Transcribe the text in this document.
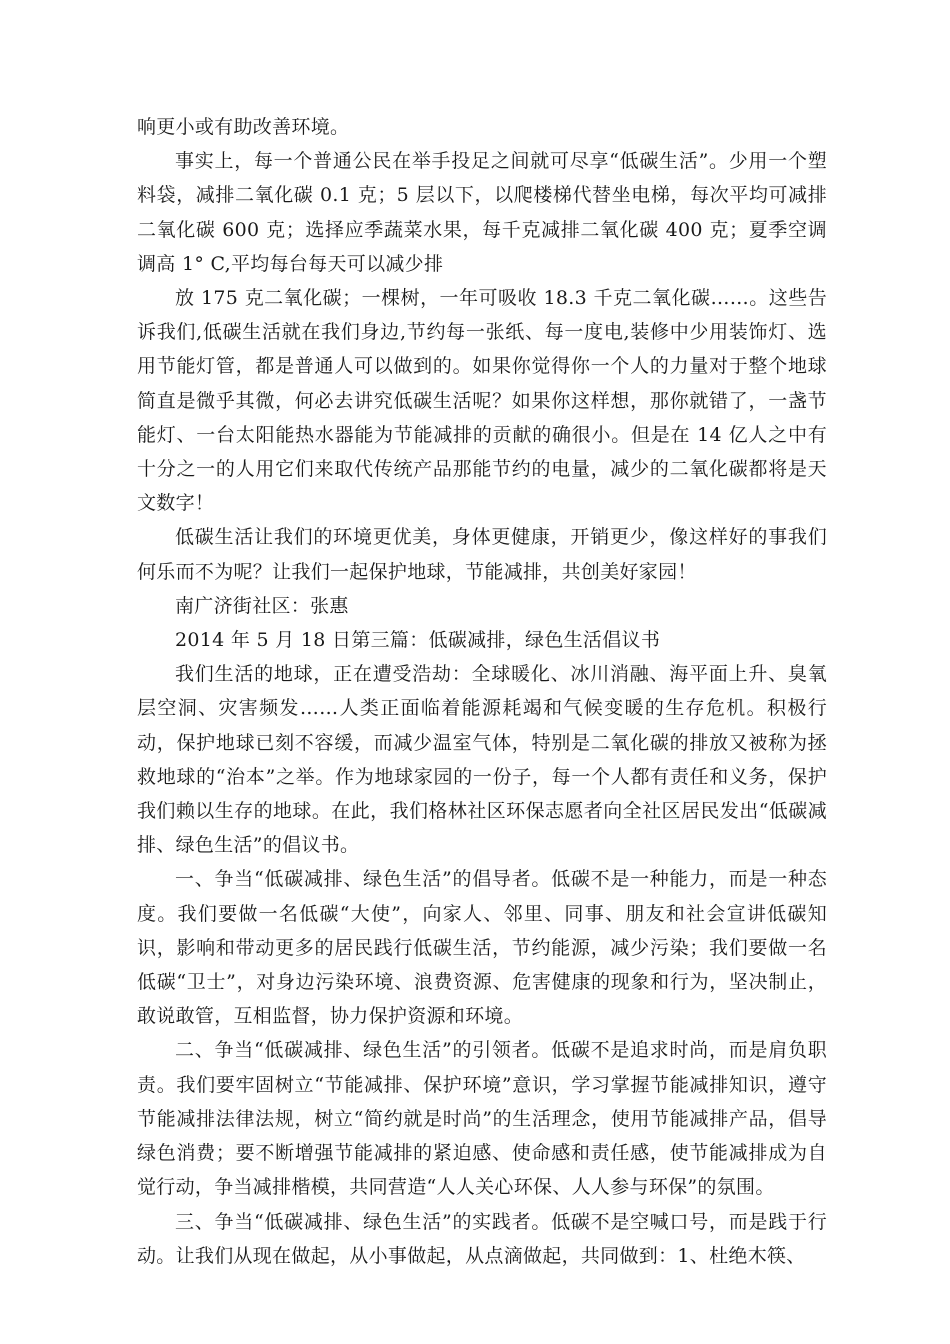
响更小或有助改善环境。

事实上，每一个普通公民在举手投足之间就可尽享“低碳生活”。少用一个塑料袋，减排二氧化碳 0.1 克；5 层以下，以爬楼梯代替坐电梯，每次平均可减排二氧化碳 600 克；选择应季蔬菜水果，每千克减排二氧化碳 400 克；夏季空调调高 1° C,平均每台每天可以减少排

放 175 克二氧化碳；一棵树，一年可吸收 18.3 千克二氧化碳……。这些告诉我们,低碳生活就在我们身边,节约每一张纸、每一度电,装修中少用装饰灯、选用节能灯管，都是普通人可以做到的。如果你觉得你一个人的力量对于整个地球简直是微乎其微，何必去讲究低碳生活呢？如果你这样想，那你就错了，一盏节能灯、一台太阳能热水器能为节能减排的贡献的确很小。但是在 14 亿人之中有十分之一的人用它们来取代传统产品那能节约的电量，减少的二氧化碳都将是天文数字！

低碳生活让我们的环境更优美，身体更健康，开销更少，像这样好的事我们何乐而不为呢？让我们一起保护地球，节能减排，共创美好家园！

南广济街社区：张惠

2014 年 5 月 18 日第三篇：低碳减排，绿色生活倡议书

我们生活的地球，正在遭受浩劫：全球暖化、冰川消融、海平面上升、臭氧层空洞、灾害频发……人类正面临着能源耗竭和气候变暖的生存危机。积极行动，保护地球已刻不容缓，而减少温室气体，特别是二氧化碳的排放又被称为拯救地球的“治本”之举。作为地球家园的一份子，每一个人都有责任和义务，保护我们赖以生存的地球。在此，我们格林社区环保志愿者向全社区居民发出“低碳减排、绿色生活”的倡议书。

一、争当“低碳减排、绿色生活”的倡导者。低碳不是一种能力，而是一种态度。我们要做一名低碳“大使”，向家人、邻里、同事、朋友和社会宣讲低碳知识，影响和带动更多的居民践行低碳生活，节约能源，减少污染；我们要做一名低碳“卫士”，对身边污染环境、浪费资源、危害健康的现象和行为，坚决制止，敢说敢管，互相监督，协力保护资源和环境。

二、争当“低碳减排、绿色生活”的引领者。低碳不是追求时尚，而是肩负职责。我们要牢固树立“节能减排、保护环境”意识，学习掌握节能减排知识，遵守节能减排法律法规，树立“简约就是时尚”的生活理念，使用节能减排产品，倡导绿色消费；要不断增强节能减排的紧迫感、使命感和责任感，使节能减排成为自觉行动，争当减排楷模，共同营造“人人关心环保、人人参与环保”的氛围。

三、争当“低碳减排、绿色生活”的实践者。低碳不是空喊口号，而是践于行动。让我们从现在做起，从小事做起，从点滴做起，共同做到：1、杜绝木筷、
